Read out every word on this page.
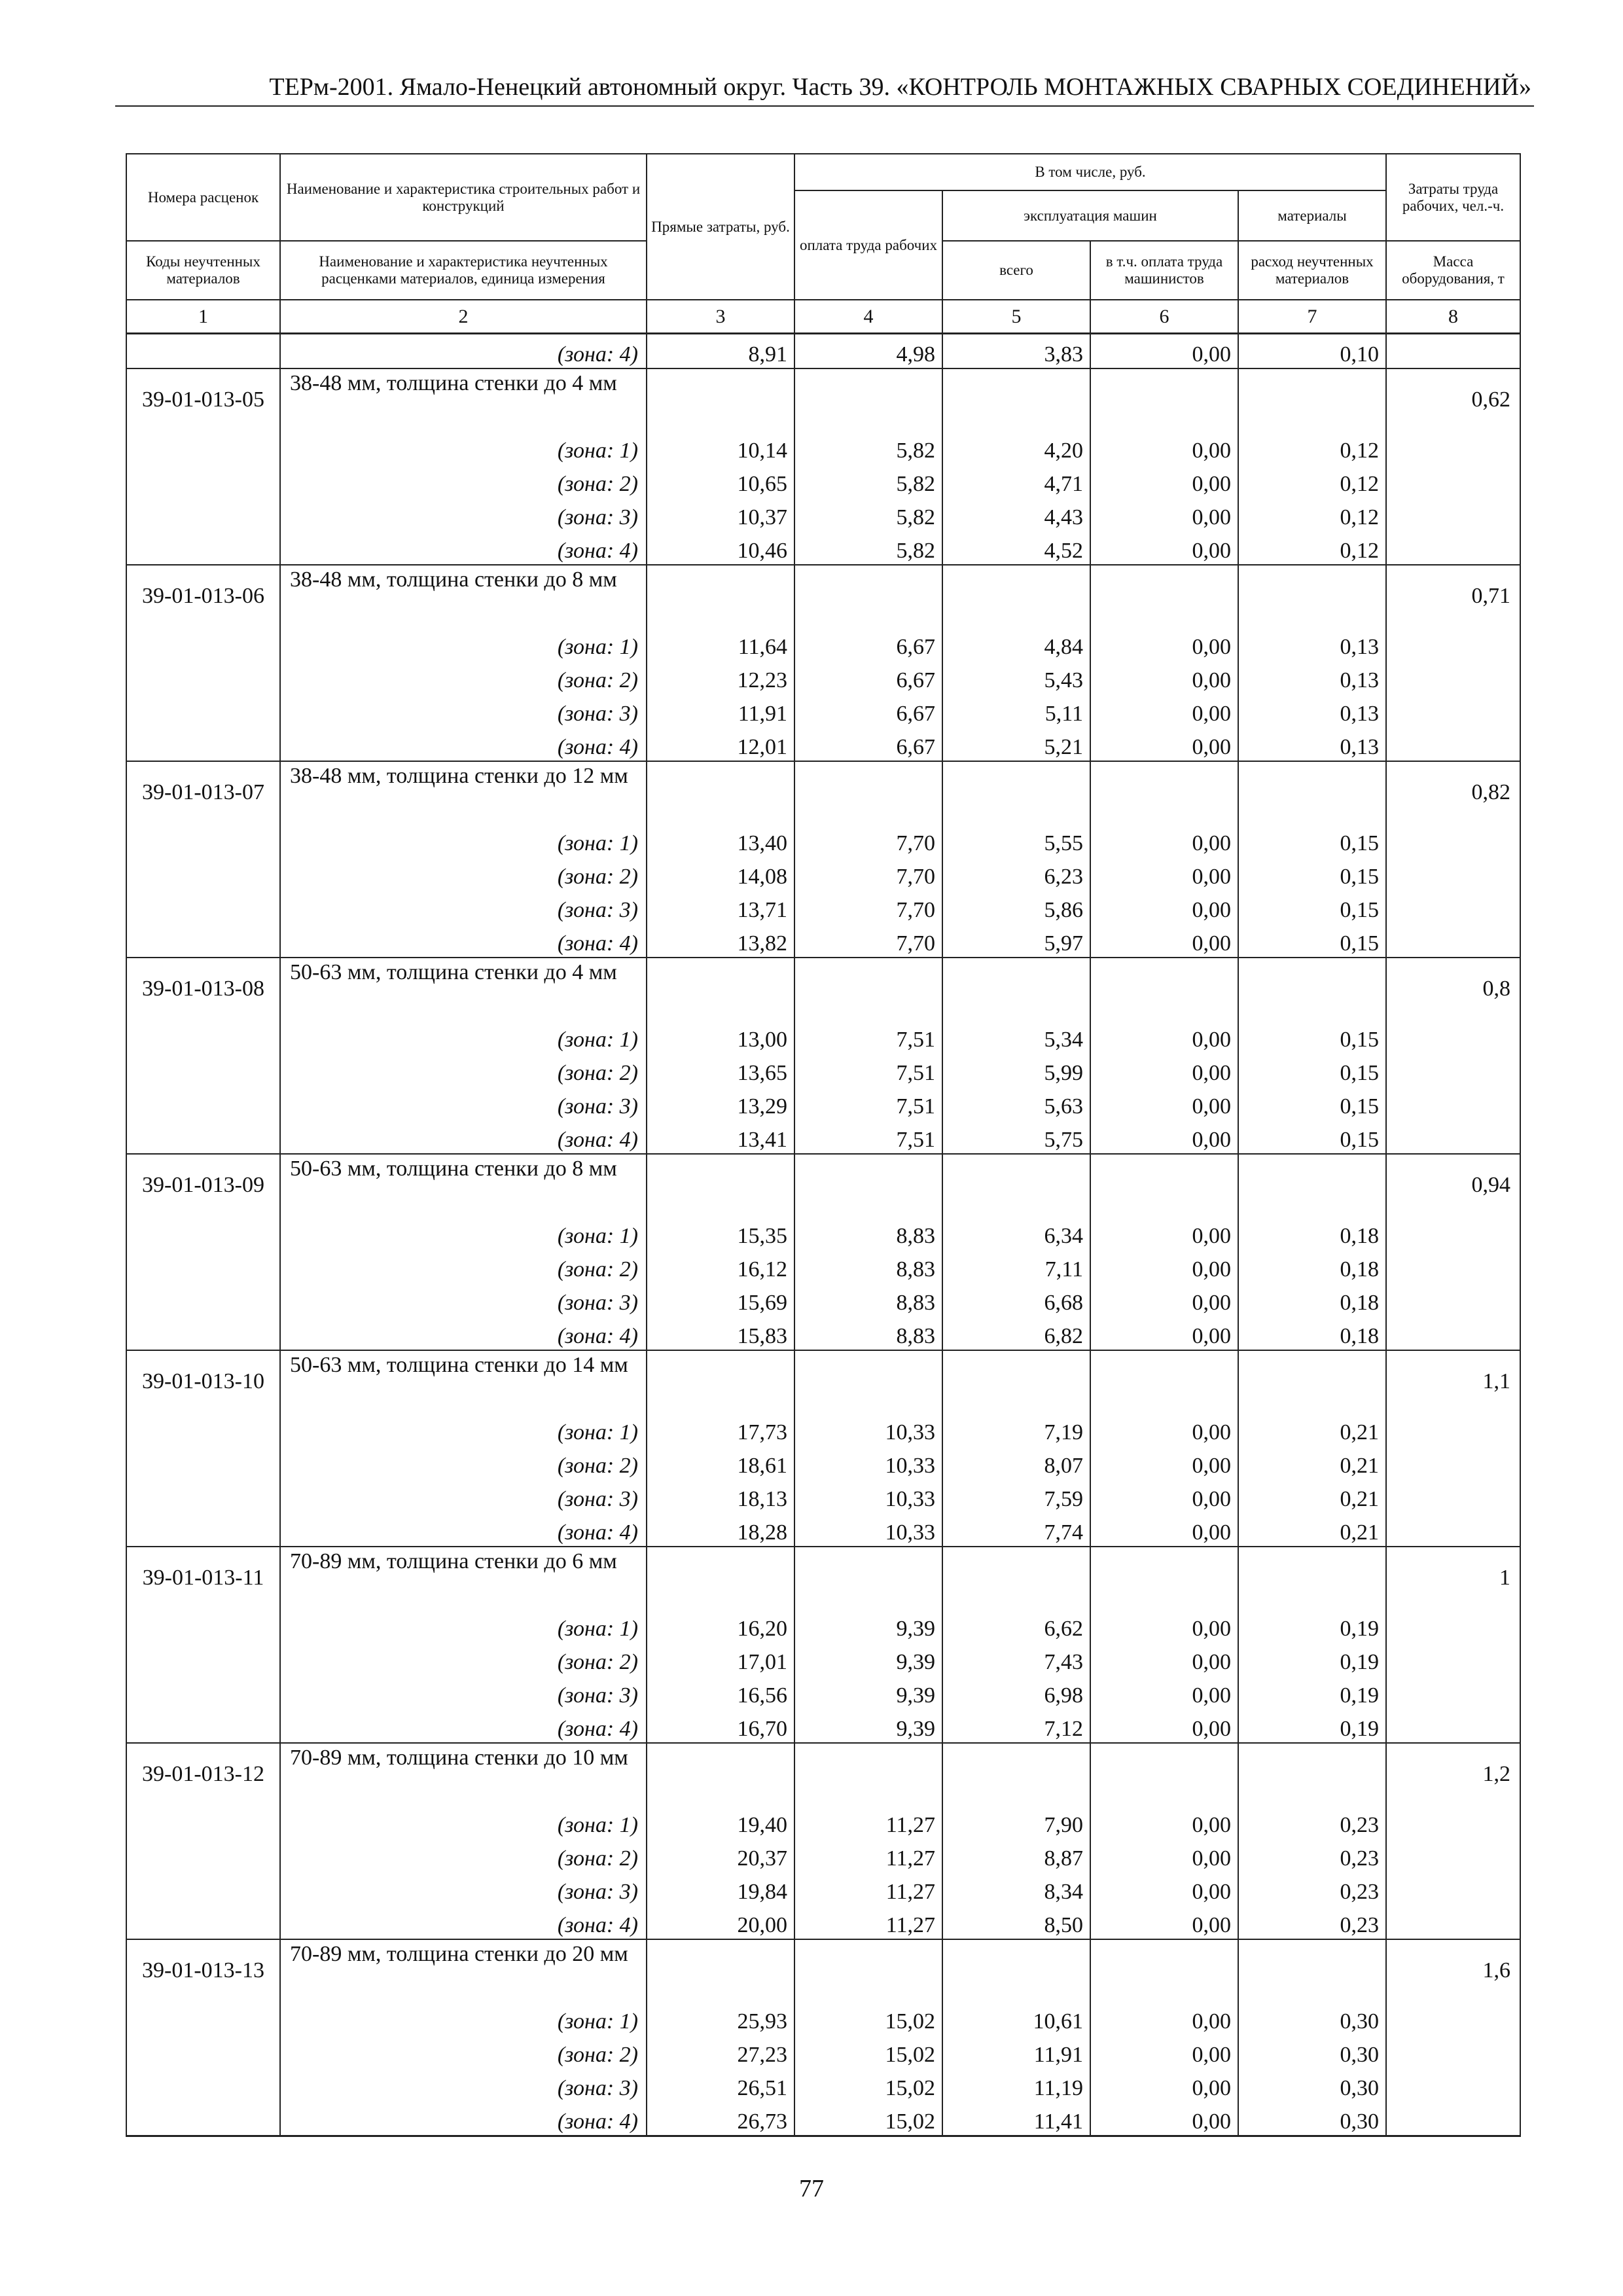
ТЕРм-2001. Ямало-Ненецкий автономный округ. Часть 39. «КОНТРОЛЬ МОНТАЖНЫХ СВАРНЫХ СОЕДИНЕНИЙ»
Номера расценок	Наименование и характеристика строительных работ и конструкций	Прямые затраты, руб.	В том числе, руб.				Затраты труда рабочих, чел.-ч.
			оплата труда рабочих	эксплуатация машин		материалы	
Коды неучтенных материалов	Наименование и характеристика неучтенных расценками материалов, единица измерения			всего	в т.ч. оплата труда машинистов	расход неучтенных материалов	Масса оборудования, т
1	2	3	4	5	6	7	8
	(зона: 4)	8,91	4,98	3,83	0,00	0,10	
39-01-013-05	38-48 мм, толщина стенки до 4 мм						0,62
	(зона: 1)	10,14	5,82	4,20	0,00	0,12	
	(зона: 2)	10,65	5,82	4,71	0,00	0,12	
	(зона: 3)	10,37	5,82	4,43	0,00	0,12	
	(зона: 4)	10,46	5,82	4,52	0,00	0,12	
39-01-013-06	38-48 мм, толщина стенки до 8 мм						0,71
	(зона: 1)	11,64	6,67	4,84	0,00	0,13	
	(зона: 2)	12,23	6,67	5,43	0,00	0,13	
	(зона: 3)	11,91	6,67	5,11	0,00	0,13	
	(зона: 4)	12,01	6,67	5,21	0,00	0,13	
39-01-013-07	38-48 мм, толщина стенки до 12 мм						0,82
	(зона: 1)	13,40	7,70	5,55	0,00	0,15	
	(зона: 2)	14,08	7,70	6,23	0,00	0,15	
	(зона: 3)	13,71	7,70	5,86	0,00	0,15	
	(зона: 4)	13,82	7,70	5,97	0,00	0,15	
39-01-013-08	50-63 мм, толщина стенки до 4 мм						0,8
	(зона: 1)	13,00	7,51	5,34	0,00	0,15	
	(зона: 2)	13,65	7,51	5,99	0,00	0,15	
	(зона: 3)	13,29	7,51	5,63	0,00	0,15	
	(зона: 4)	13,41	7,51	5,75	0,00	0,15	
39-01-013-09	50-63 мм, толщина стенки до 8 мм						0,94
	(зона: 1)	15,35	8,83	6,34	0,00	0,18	
	(зона: 2)	16,12	8,83	7,11	0,00	0,18	
	(зона: 3)	15,69	8,83	6,68	0,00	0,18	
	(зона: 4)	15,83	8,83	6,82	0,00	0,18	
39-01-013-10	50-63 мм, толщина стенки до 14 мм						1,1
	(зона: 1)	17,73	10,33	7,19	0,00	0,21	
	(зона: 2)	18,61	10,33	8,07	0,00	0,21	
	(зона: 3)	18,13	10,33	7,59	0,00	0,21	
	(зона: 4)	18,28	10,33	7,74	0,00	0,21	
39-01-013-11	70-89 мм, толщина стенки до 6 мм						1
	(зона: 1)	16,20	9,39	6,62	0,00	0,19	
	(зона: 2)	17,01	9,39	7,43	0,00	0,19	
	(зона: 3)	16,56	9,39	6,98	0,00	0,19	
	(зона: 4)	16,70	9,39	7,12	0,00	0,19	
39-01-013-12	70-89 мм, толщина стенки до 10 мм						1,2
	(зона: 1)	19,40	11,27	7,90	0,00	0,23	
	(зона: 2)	20,37	11,27	8,87	0,00	0,23	
	(зона: 3)	19,84	11,27	8,34	0,00	0,23	
	(зона: 4)	20,00	11,27	8,50	0,00	0,23	
39-01-013-13	70-89 мм, толщина стенки до 20 мм						1,6
	(зона: 1)	25,93	15,02	10,61	0,00	0,30	
	(зона: 2)	27,23	15,02	11,91	0,00	0,30	
	(зона: 3)	26,51	15,02	11,19	0,00	0,30	
	(зона: 4)	26,73	15,02	11,41	0,00	0,30	
77
